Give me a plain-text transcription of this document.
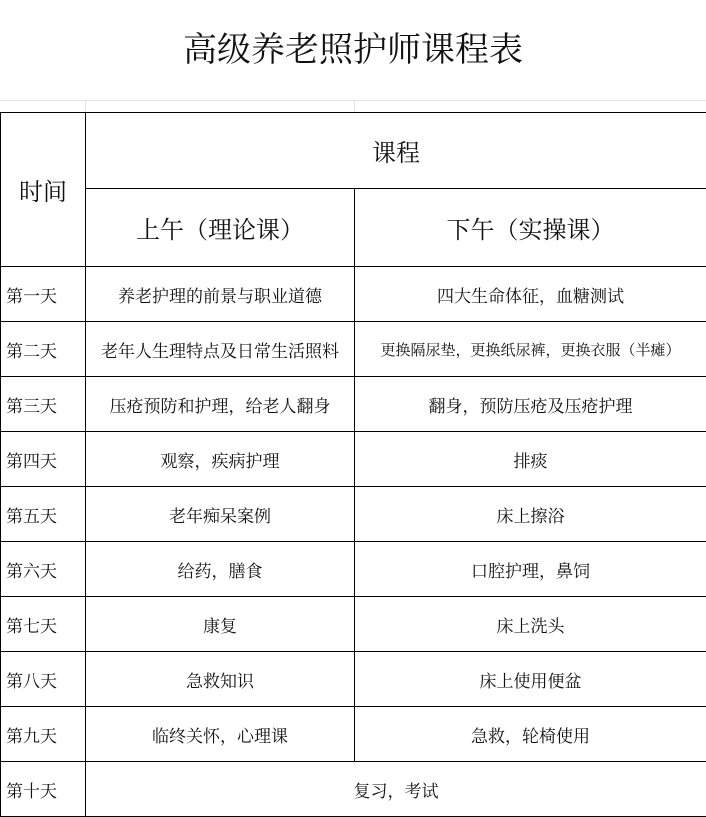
高级养老照护师课程表
时间	课程	
	上午（理论课）	下午（实操课）
第一天	养老护理的前景与职业道德	四大生命体征，血糖测试
第二天	老年人生理特点及日常生活照料	更换隔尿垫，更换纸尿裤，更换衣服（半瘫）
第三天	压疮预防和护理，给老人翻身	翻身，预防压疮及压疮护理
第四天	观察，疾病护理	排痰
第五天	老年痴呆案例	床上擦浴
第六天	给药，膳食	口腔护理，鼻饲
第七天	康复	床上洗头
第八天	急救知识	床上使用便盆
第九天	临终关怀，心理课	急救，轮椅使用
第十天	复习，考试	
